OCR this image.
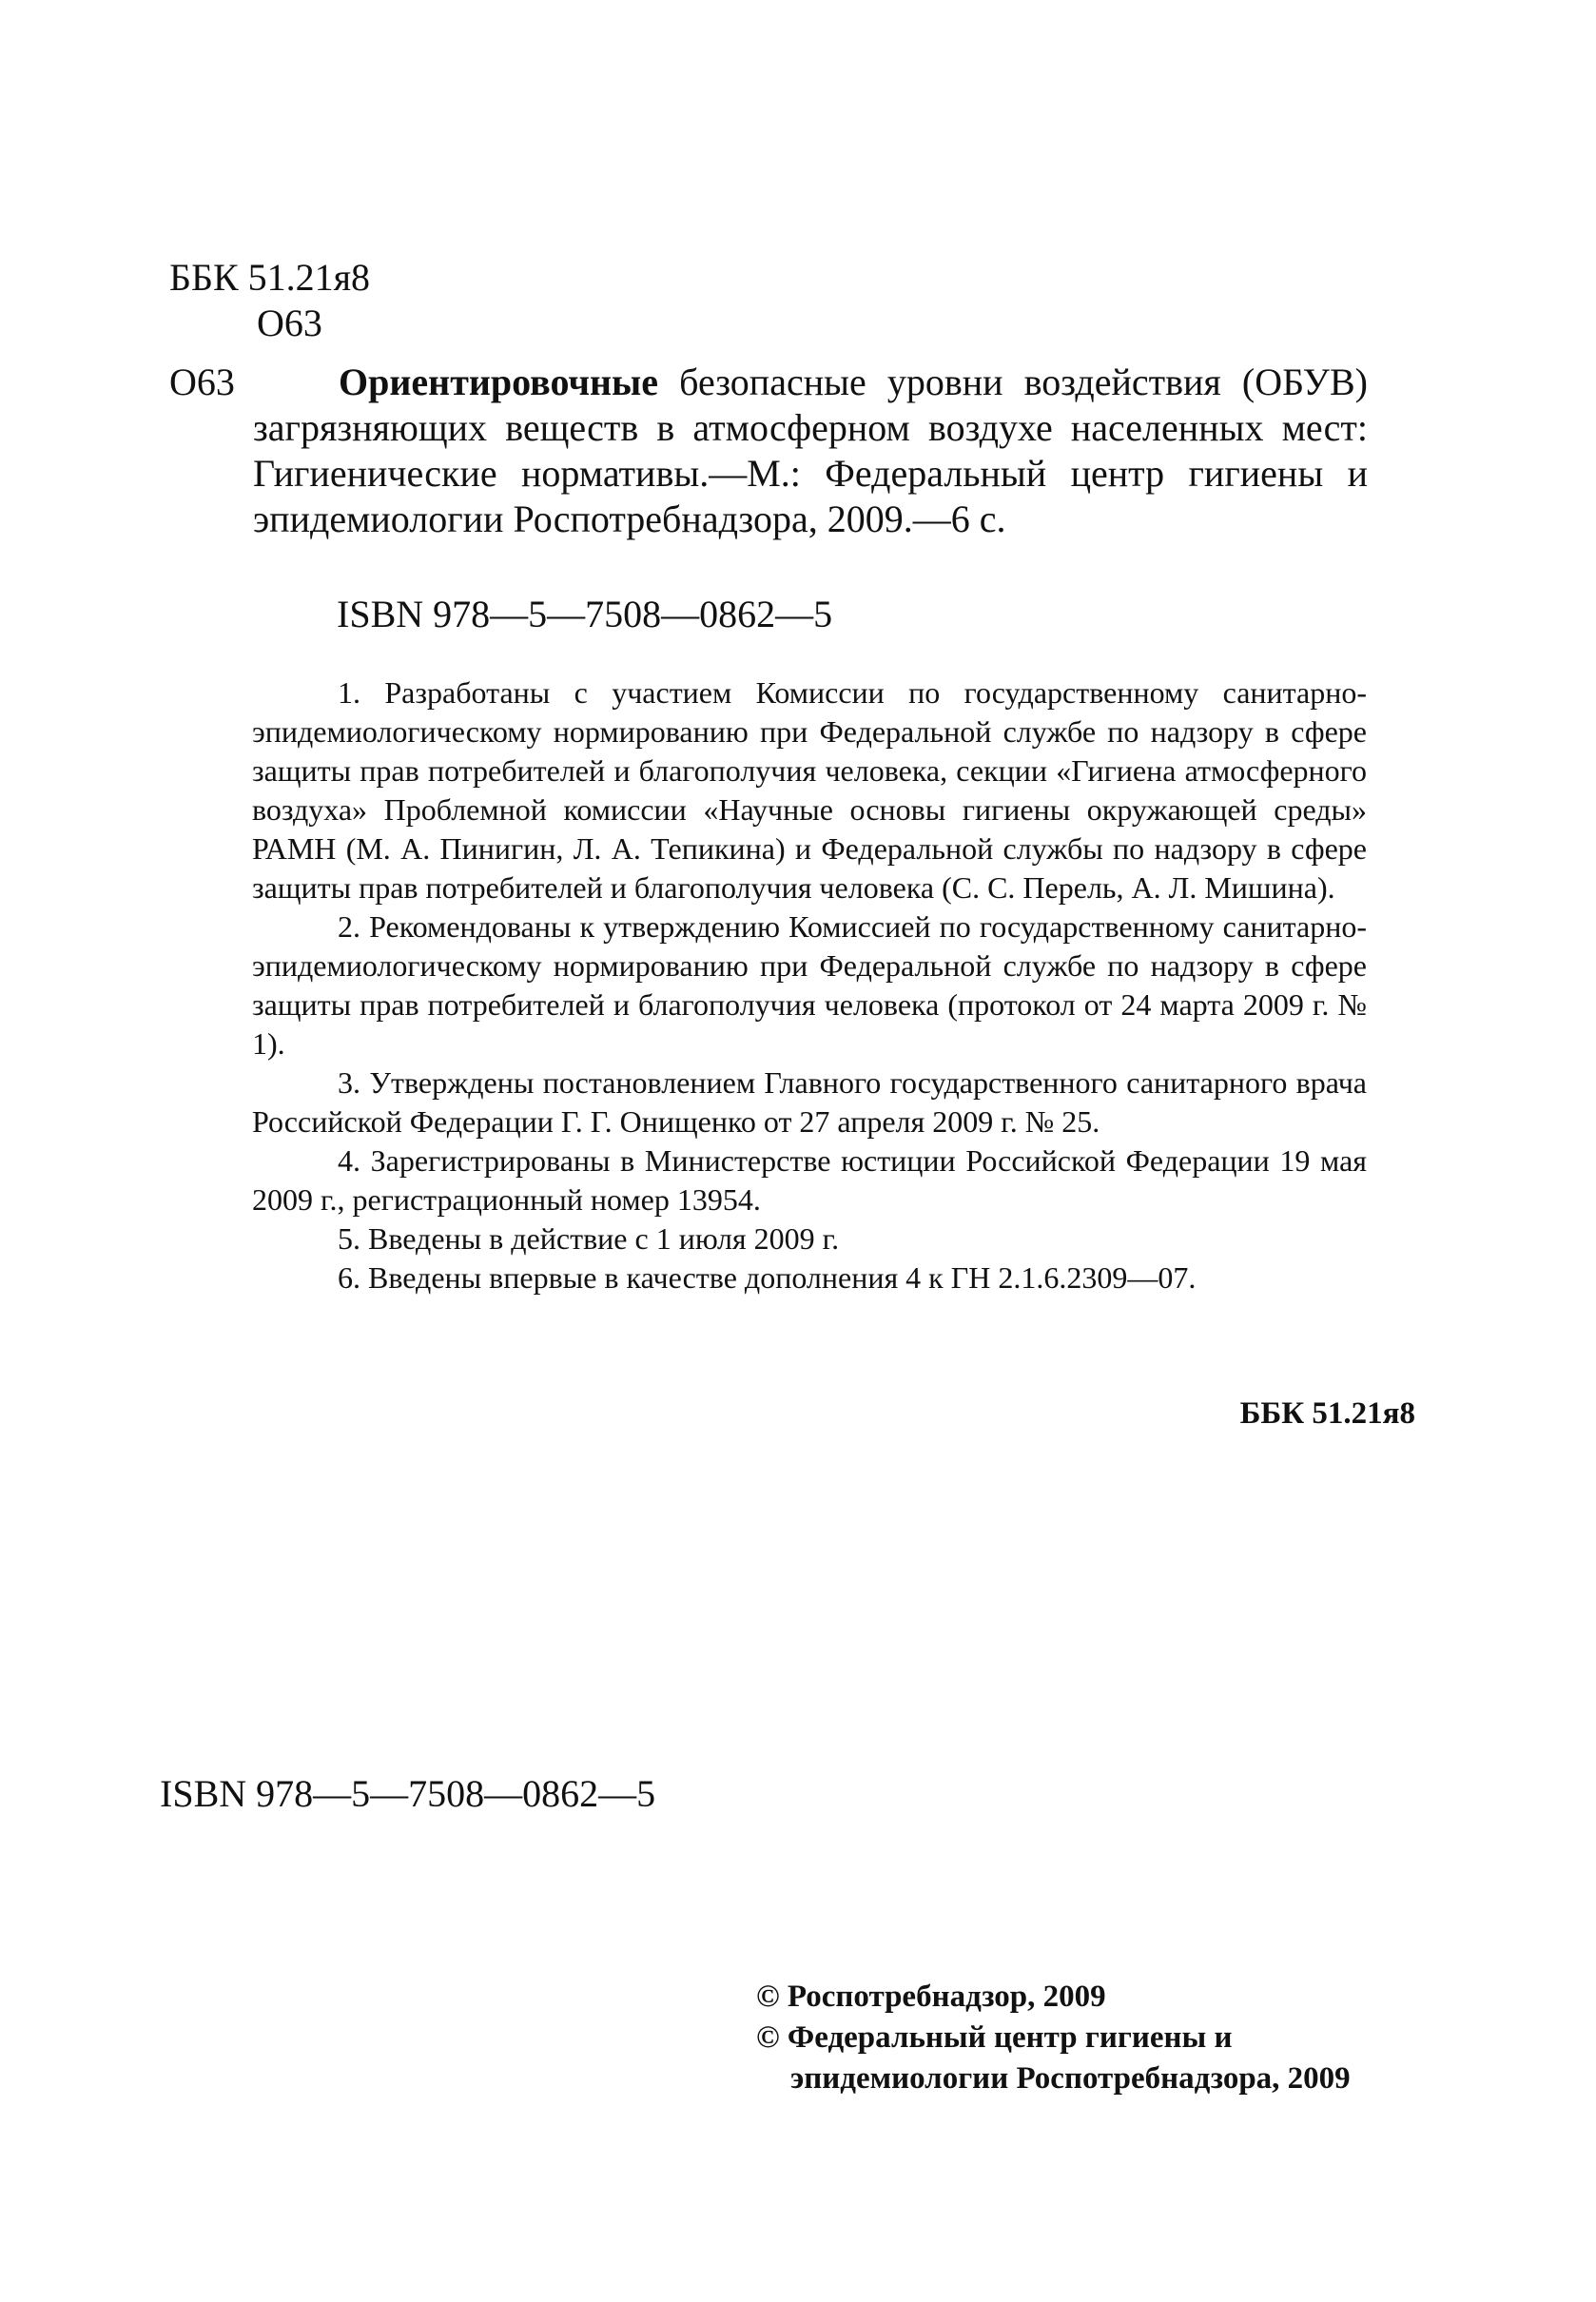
ББК 51.21я8
О63
О63	Ориентировочные безопасные уровни воздействия (ОБУВ) загрязняющих веществ в атмосферном воздухе населенных мест: Гигиенические нормативы.—М.: Федеральный центр гигиены и эпидемиологии Роспотребнадзора, 2009.—6 с.
ISBN 978—5—7508—0862—5

1. Разработаны с участием Комиссии по государственному санитарно-эпидемиологическому нормированию при Федеральной службе по надзору в сфере защиты прав потребителей и благополучия человека, секции «Гигиена атмосферного воздуха» Проблемной комиссии «Научные основы гигиены окружающей среды» РАМН (М. А. Пинигин, Л. А. Тепикина) и Федеральной службы по надзору в сфере защиты прав потребителей и благополучия человека (С. С. Перель, А. Л. Мишина).

2. Рекомендованы к утверждению Комиссией по государственному санитарно-эпидемиологическому нормированию при Федеральной службе по надзору в сфере защиты прав потребителей и благополучия человека (протокол от 24 марта 2009 г. № 1).

3. Утверждены постановлением Главного государственного санитарного врача Российской Федерации Г. Г. Онищенко от 27 апреля 2009 г. № 25.

4. Зарегистрированы в Министерстве юстиции Российской Федерации 19 мая 2009 г., регистрационный номер 13954.

5. Введены в действие с 1 июля 2009 г.

6. Введены впервые в качестве дополнения 4 к ГН 2.1.6.2309—07.

ББК 51.21я8
ISBN 978—5—7508—0862—5
© Роспотребнадзор, 2009
© Федеральный центр гигиены и
эпидемиологии Роспотребнадзора, 2009
